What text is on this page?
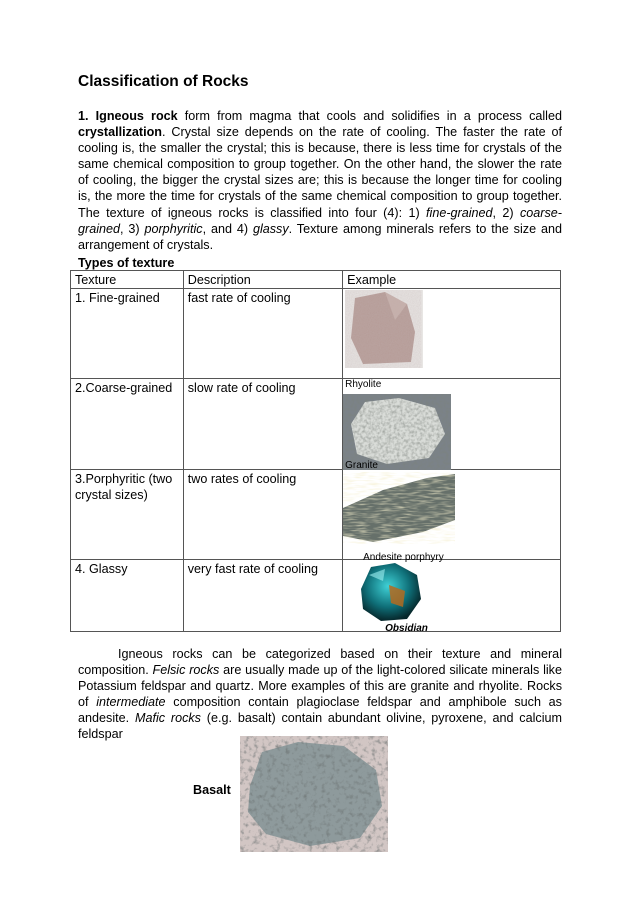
Classification of Rocks
1. Igneous rock form from magma that cools and solidifies in a process called crystallization. Crystal size depends on the rate of cooling. The faster the rate of cooling is, the smaller the crystal; this is because, there is less time for crystals of the same chemical composition to group together. On the other hand, the slower the rate of cooling, the bigger the crystal sizes are; this is because the longer time for cooling is, the more the time for crystals of the same chemical composition to group together. The texture of igneous rocks is classified into four (4): 1) fine-grained, 2) coarse-grained, 3) porphyritic, and 4) glassy. Texture among minerals refers to the size and arrangement of crystals.
Types of texture
Texture	Description	Example
1. Fine-grained	fast rate of cooling	Rhyolite

2.Coarse-grained	slow rate of cooling	Granite

3.Porphyritic (two crystal sizes)	two rates of cooling	Andesite porphyry

4. Glassy	very fast rate of cooling	Obsidian
Igneous rocks can be categorized based on their texture and mineral composition. Felsic rocks are usually made up of the light-colored silicate minerals like Potassium feldspar and quartz. More examples of this are granite and rhyolite. Rocks of intermediate composition contain plagioclase feldspar and amphibole such as andesite. Mafic rocks (e.g. basalt) contain abundant olivine, pyroxene, and calcium feldspar
Basalt
